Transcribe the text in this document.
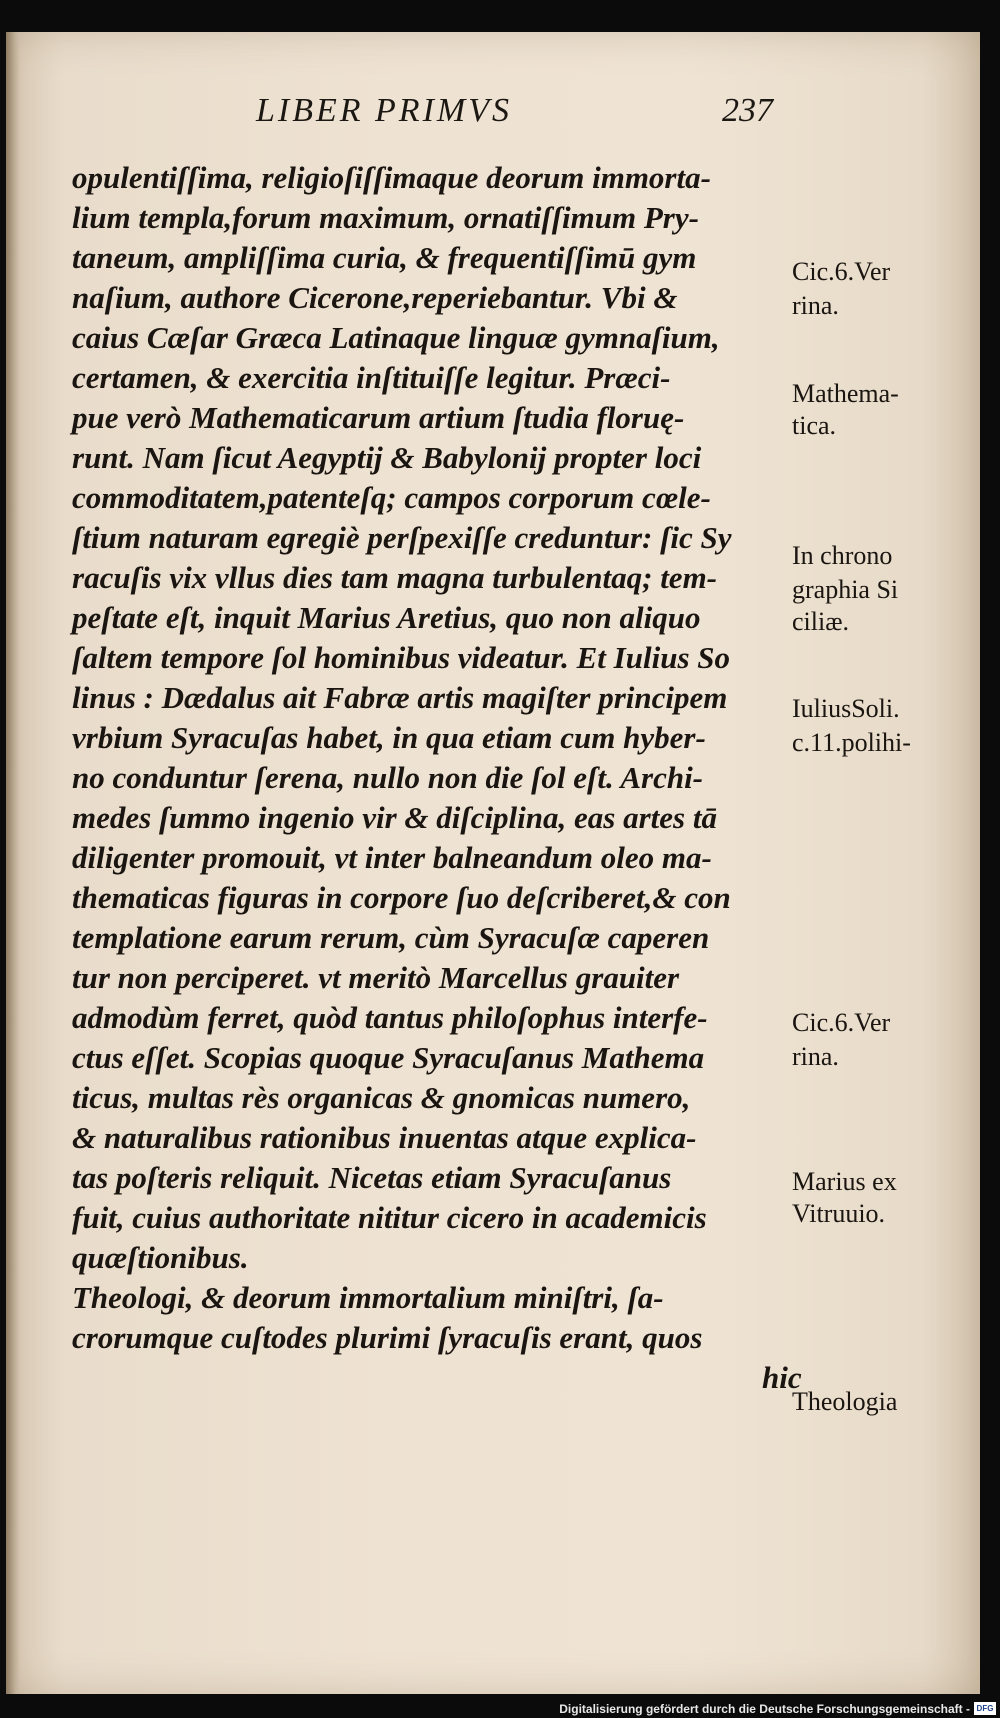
LIBER PRIMVS	237
opulentiſſima, religioſiſſimaque deorum immorta-
lium templa,forum maximum, ornatiſſimum Pry-
taneum, ampliſſima curia, & frequentiſſimū gym
naſium, authore Cicerone,reperiebantur. Vbi &
caius Cæſar Græca Latinaque linguæ gymnaſium,
certamen, & exercitia inſtituiſſe legitur. Præci-
pue verò Mathematicarum artium ſtudia floruę-
runt. Nam ſicut Aegyptij & Babylonij propter loci
commoditatem,patenteſq; campos corporum cœle-
ſtium naturam egregiè perſpexiſſe creduntur: ſic Sy
racuſis vix vllus dies tam magna turbulentaq; tem-
peſtate eſt, inquit Marius Aretius, quo non aliquo
ſaltem tempore ſol hominibus videatur. Et Iulius So
linus : Dædalus ait Fabræ artis magiſter principem
vrbium Syracuſas habet, in qua etiam cum hyber-
no conduntur ſerena, nullo non die ſol eſt. Archi-
medes ſummo ingenio vir & diſciplina, eas artes tā
diligenter promouit, vt inter balneandum oleo ma-
thematicas figuras in corpore ſuo deſcriberet,& con
templatione earum rerum, cùm Syracuſæ caperen
tur non perciperet. vt meritò Marcellus grauiter
admodùm ferret, quòd tantus philoſophus interfe-
ctus eſſet. Scopias quoque Syracuſanus Mathema
ticus, multas rès organicas & gnomicas numero,
& naturalibus rationibus inuentas atque explica-
tas poſteris reliquit. Nicetas etiam Syracuſanus
fuit, cuius authoritate nititur cicero in academicis
quæſtionibus.
Theologi, & deorum immortalium miniſtri, ſa-
crorumque cuſtodes plurimi ſyracuſis erant, quos
hic
Cic.6.Ver
rina.
Mathema-
tica.
In chrono
graphia Si
ciliæ.
IuliusSoli.
c.11.polihi-
Cic.6.Ver
rina.
Marius ex
Vitruuio.
Theologia
Digitalisierung gefördert durch die Deutsche Forschungsgemeinschaft - DFG
